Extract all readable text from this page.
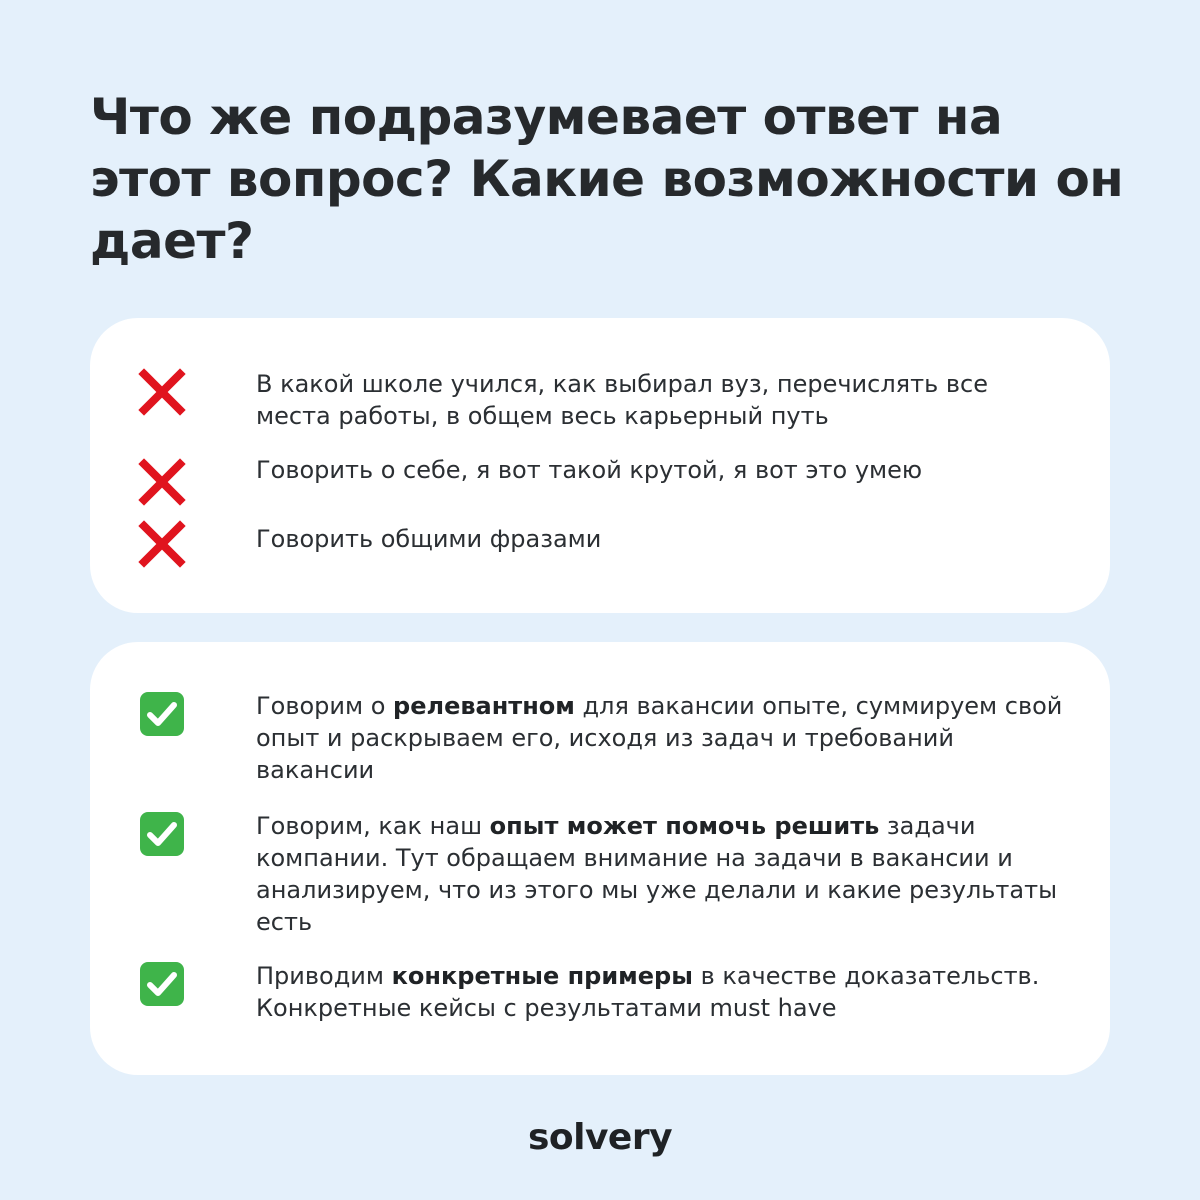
Что же подразумевает ответ на этот вопрос? Какие возможности он дает?
В какой школе учился, как выбирал вуз, перечислять все места работы, в общем весь карьерный путь
Говорить о себе, я вот такой крутой, я вот это умею
Говорить общими фразами
Говорим о релевантном для вакансии опыте, суммируем свой опыт и раскрываем его, исходя из задач и требований вакансии
Говорим, как наш опыт может помочь решить задачи компании. Тут обращаем внимание на задачи в вакансии и анализируем, что из этого мы уже делали и какие результаты есть
Приводим конкретные примеры в качестве доказательств. Конкретные кейсы с результатами must have
solvery
